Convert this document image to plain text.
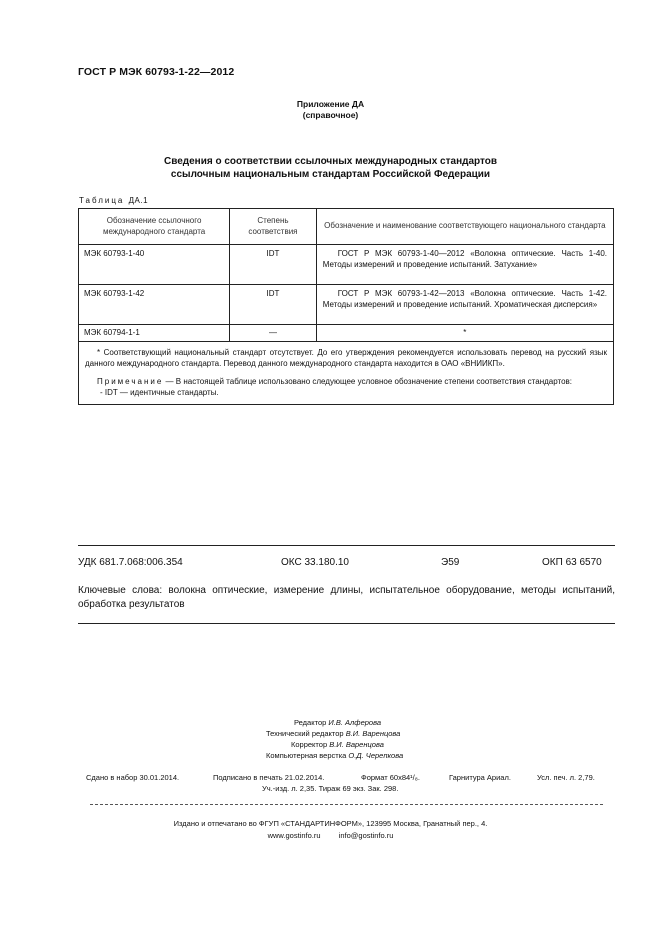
ГОСТ Р МЭК 60793-1-22—2012
Приложение ДА
(справочное)
Сведения о соответствии ссылочных международных стандартов
ссылочным национальным стандартам Российской Федерации
Таблица ДА.1
Обозначение ссылочного международного стандарта	Степень соответствия	Обозначение и наименование соответствующего национального стандарта

МЭК 60793-1-40	IDT	ГОСТ Р МЭК 60793-1-40—2012 «Волокна оптические. Часть 1-40. Методы измерений и проведение испытаний. Затухание»

МЭК 60793-1-42	IDT	ГОСТ Р МЭК 60793-1-42—2013 «Волокна оптические. Часть 1-42. Методы измерений и проведение испытаний. Хроматическая дисперсия»

МЭК 60794-1-1	—	*

* Соответствующий национальный стандарт отсутствует. До его утверждения рекомендуется использовать перевод на русский язык данного международного стандарта. Перевод данного международного стандарта находится в ОАО «ВНИИКП».

Примечание — В настоящей таблице использовано следующее условное обозначение степени соответствия стандартов:

- IDT — идентичные стандарты.		

УДК 681.7.068:006.354	ОКС 33.180.10	Э59	ОКП 63 6570
Ключевые слова: волокна оптические, измерение длины, испытательное оборудование, методы испытаний, обработка результатов
Редактор И.В. Алферова
Технический редактор В.И. Варенцова
Корректор В.И. Варенцова
Компьютерная верстка О.Д. Черепкова
Сдано в набор 30.01.2014.	Подписано в печать 21.02.2014.	Формат 60х84¹/₈.	Гарнитура Ариал.	Усл. печ. л. 2,79.
Уч.-изд. л. 2,35. Тираж 69 экз. Зак. 298.
Издано и отпечатано во ФГУП «СТАНДАРТИНФОРМ», 123995 Москва, Гранатный пер., 4.
www.gostinfo.ru info@gostinfo.ru
